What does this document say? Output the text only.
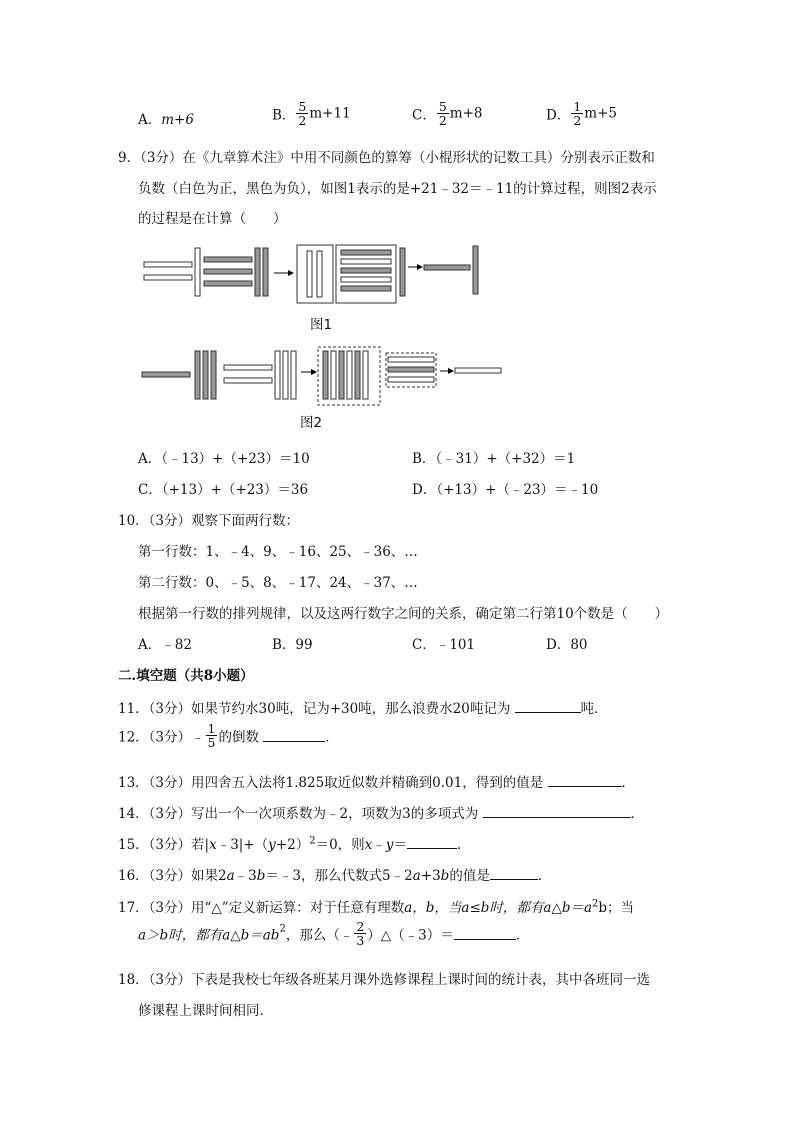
A．m+6	B． $\frac{5}{2} m+11$	C． $\frac{5}{2} m+8$	D． $\frac{1}{2} m+5$
9．（3分）在《九章算术注》中用不同颜色的算筹（小棍形状的记数工具）分别表示正数和
负数（白色为正，黑色为负），如图1表示的是+21﹣32＝﹣11的计算过程，则图2表示
的过程是在计算（　　）
图1
图2
A．（﹣13）+（+23）＝10	B．（﹣31）+（+32）＝1
C．（+13）+（+23）＝36	D．（+13）+（﹣23）＝﹣10
10．（3分）观察下面两行数：
第一行数：1、﹣4、9、﹣16、25、﹣36、…
第二行数：0、﹣5、8、﹣17、24、﹣37、…
根据第一行数的排列规律，以及这两行数字之间的关系，确定第二行第10个数是（　　）
A．﹣82	B．99	C．﹣101	D．80
二.填空题（共8小题）
11．（3分）如果节约水30吨，记为+30吨，那么浪费水20吨记为	吨．
12．（3分）﹣ $\frac{1}{5}$ 的倒数	．
13．（3分）用四舍五入法将1.825取近似数并精确到0.01，得到的值是	．
14．（3分）写出一个一次项系数为﹣2，项数为3的多项式为	．
15．（3分）若$|x﹣3|+(y+2)^2=0$，则x﹣y＝	．
16．（3分）如果2a﹣3b＝﹣3，那么代数式5﹣2a+3b的值是	．
17．（3分）用“△”定义新运算：对于任意有理数a，b，当a≤b时，都有$a\triangle b=a^2b$；当
a＞b时，都有$a\triangle b=ab^2$，那么（﹣ $\frac{2}{3}$ ）△（﹣3）＝	．
18．（3分）下表是我校七年级各班某月课外选修课程上课时间的统计表，其中各班同一选
修课程上课时间相同．
